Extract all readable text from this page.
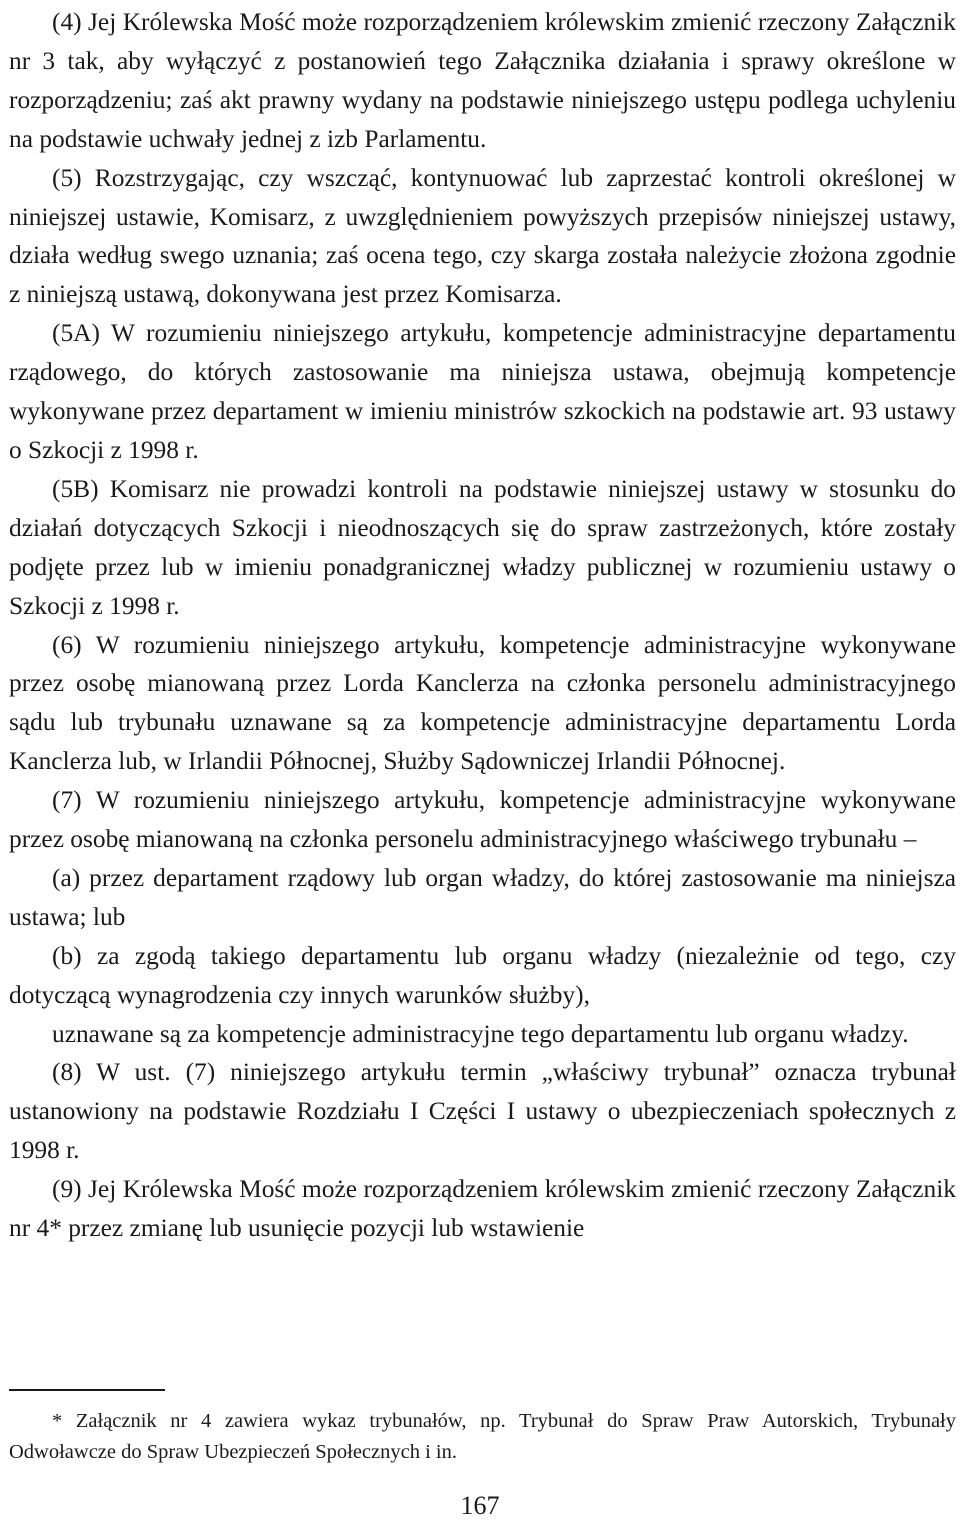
(4) Jej Królewska Mość może rozporządzeniem królewskim zmienić rzeczony Załącznik nr 3 tak, aby wyłączyć z postanowień tego Załącznika działania i sprawy określone w rozporządzeniu; zaś akt prawny wydany na podstawie niniejszego ustępu podlega uchyleniu na podstawie uchwały jednej z izb Parlamentu.

(5) Rozstrzygając, czy wszcząć, kontynuować lub zaprzestać kontroli określonej w niniejszej ustawie, Komisarz, z uwzględnieniem powyższych przepisów niniejszej ustawy, działa według swego uznania; zaś ocena tego, czy skarga została należycie złożona zgodnie z niniejszą ustawą, dokonywana jest przez Komisarza.

(5A) W rozumieniu niniejszego artykułu, kompetencje administracyjne departamentu rządowego, do których zastosowanie ma niniejsza ustawa, obejmują kompetencje wykonywane przez departament w imieniu ministrów szkockich na podstawie art. 93 ustawy o Szkocji z 1998 r.

(5B) Komisarz nie prowadzi kontroli na podstawie niniejszej ustawy w stosunku do działań dotyczących Szkocji i nieodnoszących się do spraw zastrzeżonych, które zostały podjęte przez lub w imieniu ponadgranicznej władzy publicznej w rozumieniu ustawy o Szkocji z 1998 r.

(6) W rozumieniu niniejszego artykułu, kompetencje administracyjne wykonywane przez osobę mianowaną przez Lorda Kanclerza na członka personelu administracyjnego sądu lub trybunału uznawane są za kompetencje administracyjne departamentu Lorda Kanclerza lub, w Irlandii Północnej, Służby Sądowniczej Irlandii Północnej.

(7) W rozumieniu niniejszego artykułu, kompetencje administracyjne wykonywane przez osobę mianowaną na członka personelu administracyjnego właściwego trybunału –

(a) przez departament rządowy lub organ władzy, do której zastosowanie ma niniejsza ustawa; lub

(b) za zgodą takiego departamentu lub organu władzy (niezależnie od tego, czy dotyczącą wynagrodzenia czy innych warunków służby),

uznawane są za kompetencje administracyjne tego departamentu lub organu władzy.

(8) W ust. (7) niniejszego artykułu termin „właściwy trybunał” oznacza trybunał ustanowiony na podstawie Rozdziału I Części I ustawy o ubezpieczeniach społecznych z 1998 r.

(9) Jej Królewska Mość może rozporządzeniem królewskim zmienić rzeczony Załącznik nr 4* przez zmianę lub usunięcie pozycji lub wstawienie

* Załącznik nr 4 zawiera wykaz trybunałów, np. Trybunał do Spraw Praw Autorskich, Trybunały Odwoławcze do Spraw Ubezpieczeń Społecznych i in.

167
